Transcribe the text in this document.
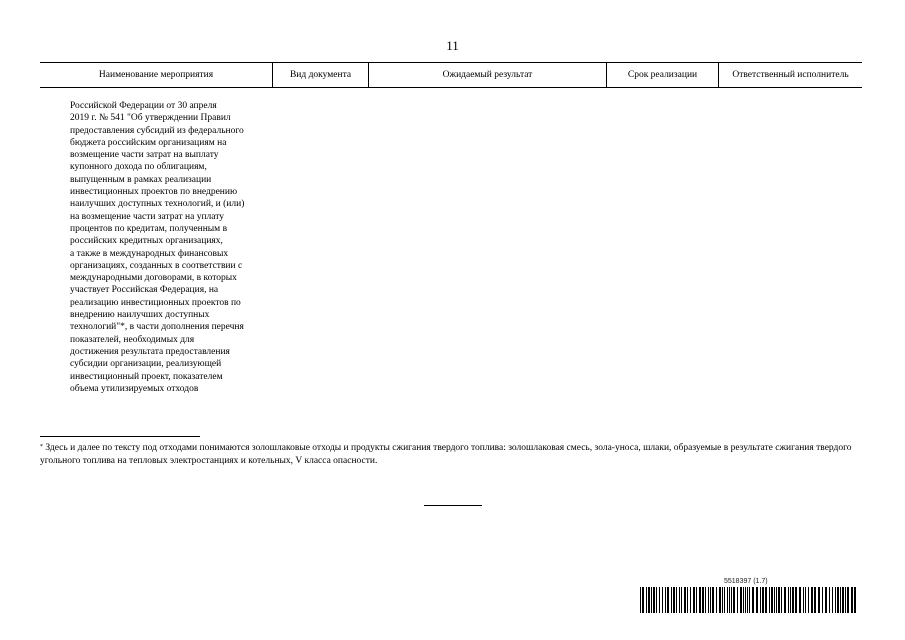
11
Наименование мероприятия	Вид документа	Ожидаемый результат	Срок реализации	Ответственный исполнитель
Российской Федерации от 30 апреля
2019 г. № 541 "Об утверждении Правил
предоставления субсидий из федерального
бюджета российским организациям на
возмещение части затрат на выплату
купонного дохода по облигациям,
выпущенным в рамках реализации
инвестиционных проектов по внедрению
наилучших доступных технологий, и (или)
на возмещение части затрат на уплату
процентов по кредитам, полученным в
российских кредитных организациях,
а также в международных финансовых
организациях, созданных в соответствии с
международными договорами, в которых
участвует Российская Федерация, на
реализацию инвестиционных проектов по
внедрению наилучших доступных
технологий"*, в части дополнения перечня
показателей, необходимых для
достижения результата предоставления
субсидии организации, реализующей
инвестиционный проект, показателем
объема утилизируемых отходов
* Здесь и далее по тексту под отходами понимаются золошлаковые отходы и продукты сжигания твердого топлива: золошлаковая смесь, зола-уноса, шлаки, образуемые в результате сжигания твердого угольного топлива на тепловых электростанциях и котельных, V класса опасности.
5518397 (1.7)
